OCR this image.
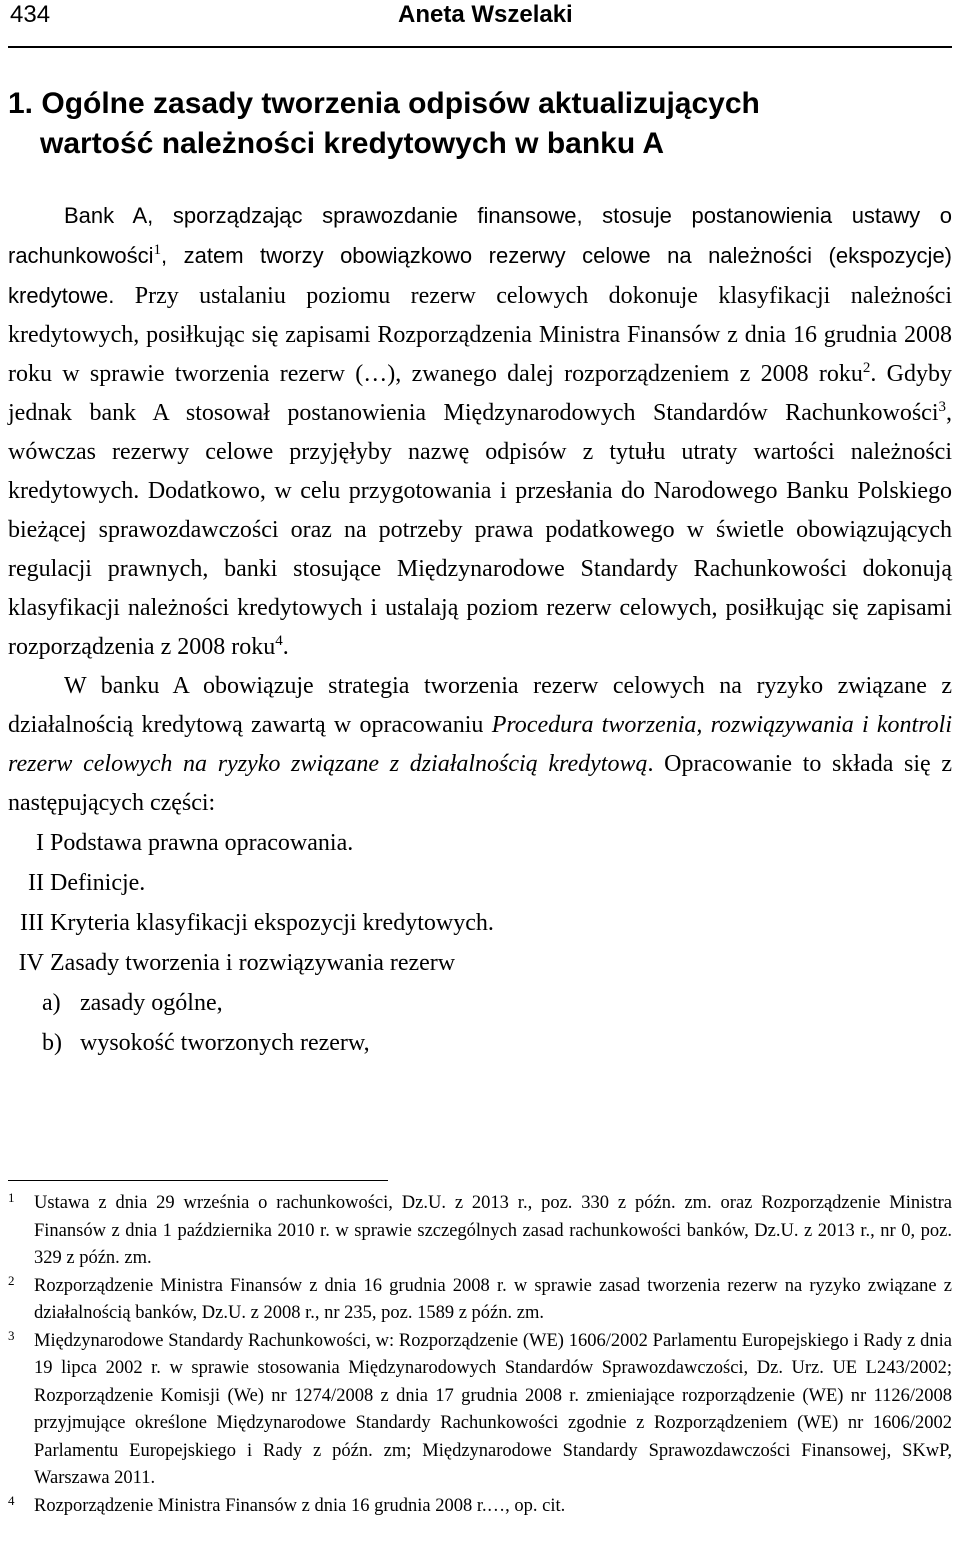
434	Aneta Wszelaki
1. Ogólne zasady tworzenia odpisów aktualizujących
wartość należności kredytowych w banku A

Bank A, sporządzając sprawozdanie finansowe, stosuje postanowienia ustawy o rachunkowości$^1$, zatem tworzy obowiązkowo rezerwy celowe na należności (ekspozycje) kredytowe. Przy ustalaniu poziomu rezerw celowych dokonuje klasyfikacji należności kredytowych, posiłkując się zapisami Rozporządzenia Ministra Finansów z dnia 16 grudnia 2008 roku w sprawie tworzenia rezerw (…), zwanego dalej rozporządzeniem z 2008 roku$^2$. Gdyby jednak bank A stosował postanowienia Międzynarodowych Standardów Rachunkowości$^3$, wówczas rezerwy celowe przyjęłyby nazwę odpisów z tytułu utraty wartości należności kredytowych. Dodatkowo, w celu przygotowania i przesłania do Narodowego Banku Polskiego bieżącej sprawozdawczości oraz na potrzeby prawa podatkowego w świetle obowiązujących regulacji prawnych, banki stosujące Międzynarodowe Standardy Rachunkowości dokonują klasyfikacji należności kredytowych i ustalają poziom rezerw celowych, posiłkując się zapisami rozporządzenia z 2008 roku$^4$.

W banku A obowiązuje strategia tworzenia rezerw celowych na ryzyko związane z działalnością kredytową zawartą w opracowaniu Procedura tworzenia, rozwiązywania i kontroli rezerw celowych na ryzyko związane z działalnością kredytową. Opracowanie to składa się z następujących części:

I Podstawa prawna opracowania.
II Definicje.
III Kryteria klasyfikacji ekspozycji kredytowych.
IV Zasady tworzenia i rozwiązywania rezerw
a) zasady ogólne,
b) wysokość tworzonych rezerw,
1 Ustawa z dnia 29 września o rachunkowości, Dz.U. z 2013 r., poz. 330 z późn. zm. oraz Rozporządzenie Ministra Finansów z dnia 1 października 2010 r. w sprawie szczególnych zasad rachunkowości banków, Dz.U. z 2013 r., nr 0, poz. 329 z późn. zm.
2 Rozporządzenie Ministra Finansów z dnia 16 grudnia 2008 r. w sprawie zasad tworzenia rezerw na ryzyko związane z działalnością banków, Dz.U. z 2008 r., nr 235, poz. 1589 z późn. zm.
3 Międzynarodowe Standardy Rachunkowości, w: Rozporządzenie (WE) 1606/2002 Parlamentu Europejskiego i Rady z dnia 19 lipca 2002 r. w sprawie stosowania Międzynarodowych Standardów Sprawozdawczości, Dz. Urz. UE L243/2002; Rozporządzenie Komisji (We) nr 1274/2008 z dnia 17 grudnia 2008 r. zmieniające rozporządzenie (WE) nr 1126/2008 przyjmujące określone Międzynarodowe Standardy Rachunkowości zgodnie z Rozporządzeniem (WE) nr 1606/2002 Parlamentu Europejskiego i Rady z późn. zm; Międzynarodowe Standardy Sprawozdawczości Finansowej, SKwP, Warszawa 2011.
4 Rozporządzenie Ministra Finansów z dnia 16 grudnia 2008 r.…, op. cit.
